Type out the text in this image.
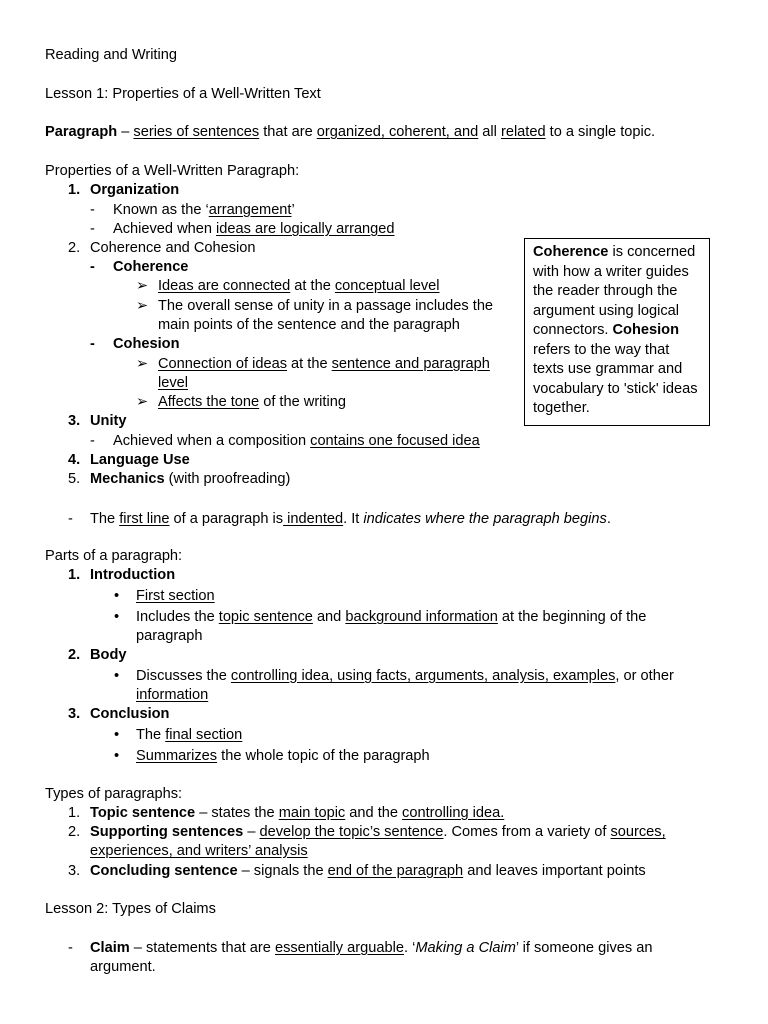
Reading and Writing
Lesson 1: Properties of a Well-Written Text
Paragraph – series of sentences that are organized, coherent, and all related to a single topic.
Properties of a Well-Written Paragraph:
1. Organization
- Known as the ‘arrangement’
- Achieved when ideas are logically arranged
2. Coherence and Cohesion
- Coherence
➢ Ideas are connected at the conceptual level
➢ The overall sense of unity in a passage includes the
main points of the sentence and the paragraph
- Cohesion
➢ Connection of ideas at the sentence and paragraph
level
➢ Affects the tone of the writing
3. Unity
- Achieved when a composition contains one focused idea
4. Language Use
5. Mechanics (with proofreading)
- The first line of a paragraph is indented. It indicates where the paragraph begins.
Coherence is concerned with how a writer guides the reader through the argument using logical connectors. Cohesion refers to the way that texts use grammar and vocabulary to 'stick' ideas together.
Parts of a paragraph:
1. Introduction
• First section
• Includes the topic sentence and background information at the beginning of the
paragraph
2. Body
• Discusses the controlling idea, using facts, arguments, analysis, examples, or other
information
3. Conclusion
• The final section
• Summarizes the whole topic of the paragraph
Types of paragraphs:
1. Topic sentence – states the main topic and the controlling idea.
2. Supporting sentences – develop the topic’s sentence. Comes from a variety of sources,
experiences, and writers’ analysis
3. Concluding sentence – signals the end of the paragraph and leaves important points
Lesson 2: Types of Claims
- Claim – statements that are essentially arguable. ‘Making a Claim’ if someone gives an
argument.
